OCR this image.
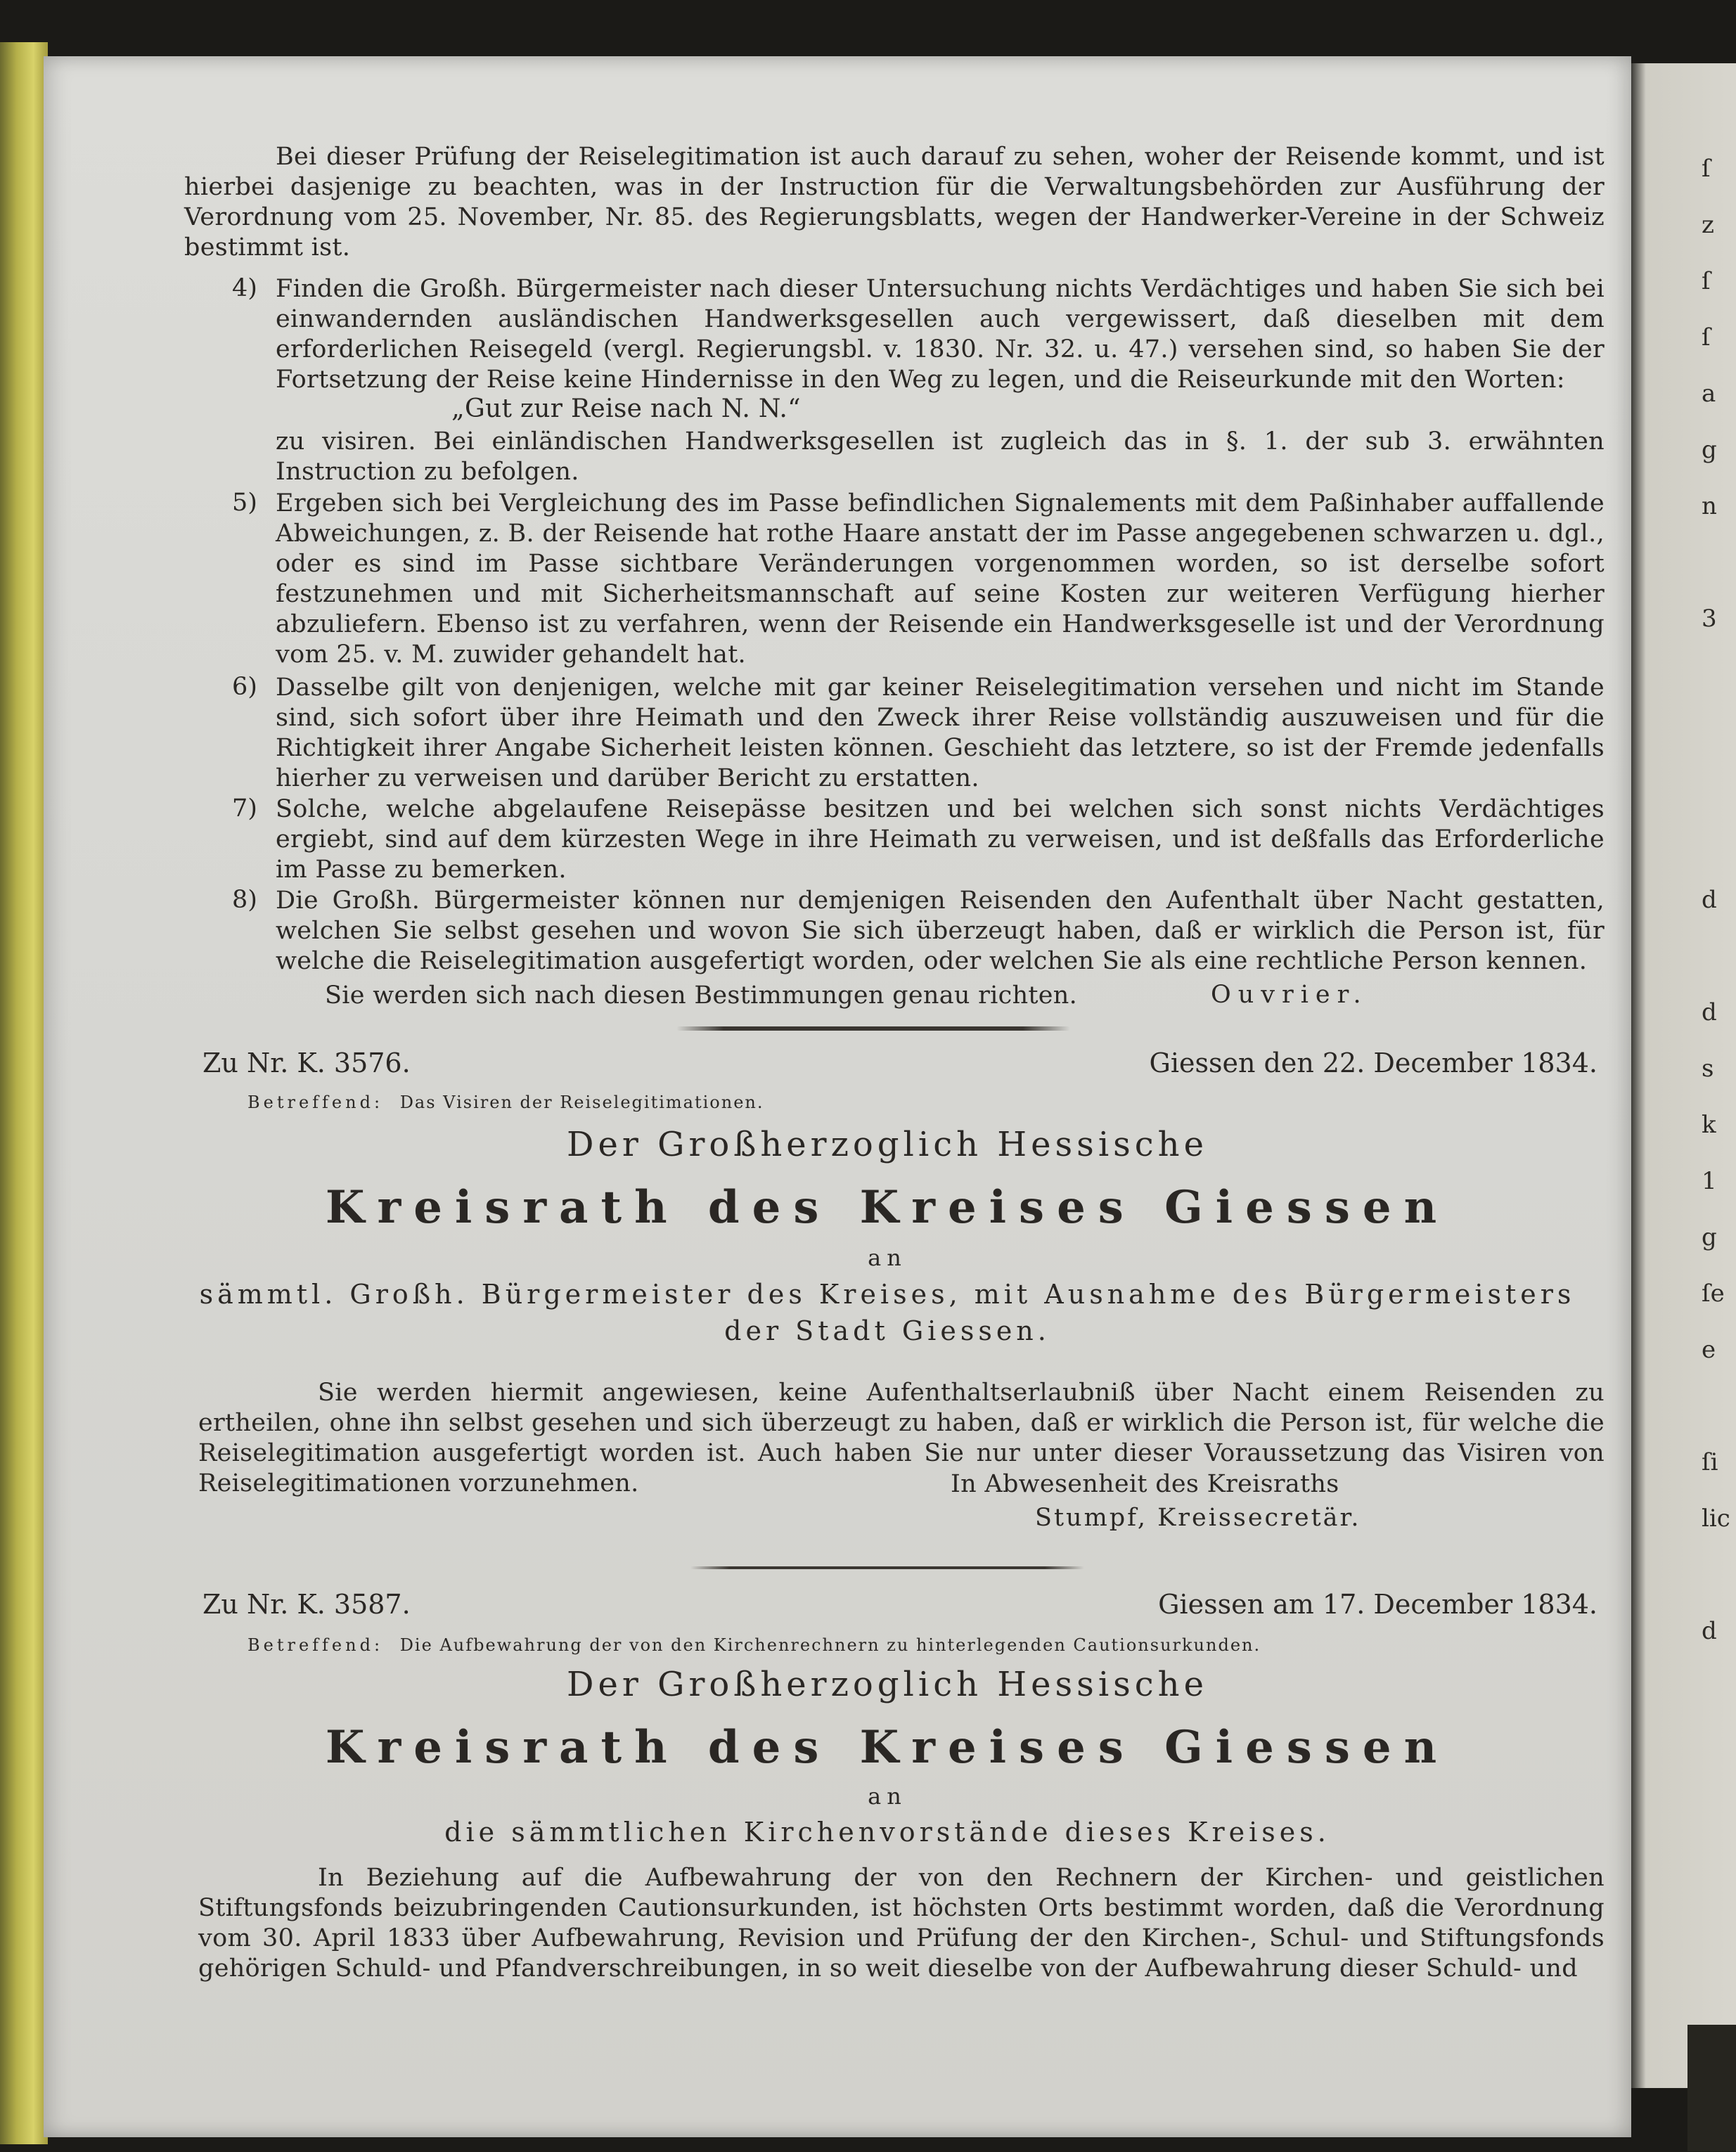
ſ
z
ſ
ſ
a
g
n

3

d

d
s
k
1
g
ſe
e

ſi
lic

d
Bei dieser Prüfung der Reiselegitimation ist auch darauf zu sehen, woher der Reisende kommt, und ist hierbei dasjenige zu beachten, was in der Instruction für die Verwaltungsbehörden zur Ausführung der Verordnung vom 25. November, Nr. 85. des Regierungsblatts, wegen der Handwerker-Vereine in der Schweiz bestimmt ist.
4) Finden die Großh. Bürgermeister nach dieser Untersuchung nichts Verdächtiges und haben Sie sich bei einwandernden ausländischen Handwerksgesellen auch vergewissert, daß dieselben mit dem erforderlichen Reisegeld (vergl. Regierungsbl. v. 1830. Nr. 32. u. 47.) versehen sind, so haben Sie der Fortsetzung der Reise keine Hindernisse in den Weg zu legen, und die Reiseurkunde mit den Worten:
„Gut zur Reise nach N. N.“
zu visiren. Bei einländischen Handwerksgesellen ist zugleich das in §. 1. der sub 3. erwähnten Instruction zu befolgen.
5) Ergeben sich bei Vergleichung des im Passe befindlichen Signalements mit dem Paßinhaber auffallende Abweichungen, z. B. der Reisende hat rothe Haare anstatt der im Passe angegebenen schwarzen u. dgl., oder es sind im Passe sichtbare Veränderungen vorgenommen worden, so ist derselbe sofort festzunehmen und mit Sicherheitsmannschaft auf seine Kosten zur weiteren Verfügung hierher abzuliefern. Ebenso ist zu verfahren, wenn der Reisende ein Handwerksgeselle ist und der Verordnung vom 25. v. M. zuwider gehandelt hat.
6) Dasselbe gilt von denjenigen, welche mit gar keiner Reiselegitimation versehen und nicht im Stande sind, sich sofort über ihre Heimath und den Zweck ihrer Reise vollständig auszuweisen und für die Richtigkeit ihrer Angabe Sicherheit leisten können. Geschieht das letztere, so ist der Fremde jedenfalls hierher zu verweisen und darüber Bericht zu erstatten.
7) Solche, welche abgelaufene Reisepässe besitzen und bei welchen sich sonst nichts Verdächtiges ergiebt, sind auf dem kürzesten Wege in ihre Heimath zu verweisen, und ist deßfalls das Erforderliche im Passe zu bemerken.
8) Die Großh. Bürgermeister können nur demjenigen Reisenden den Aufenthalt über Nacht gestatten, welchen Sie selbst gesehen und wovon Sie sich überzeugt haben, daß er wirklich die Person ist, für welche die Reiselegitimation ausgefertigt worden, oder welchen Sie als eine rechtliche Person kennen.
Sie werden sich nach diesen Bestimmungen genau richten.	Ouvrier.
Zu Nr. K. 3576.	Giessen den 22. December 1834.
Betreffend: Das Visiren der Reiselegitimationen.
Der Großherzoglich Hessische
Kreisrath des Kreises Giessen
an
sämmtl. Großh. Bürgermeister des Kreises, mit Ausnahme des Bürgermeisters der Stadt Giessen.
Sie werden hiermit angewiesen, keine Aufenthaltserlaubniß über Nacht einem Reisenden zu ertheilen, ohne ihn selbst gesehen und sich überzeugt zu haben, daß er wirklich die Person ist, für welche die Reiselegitimation ausgefertigt worden ist. Auch haben Sie nur unter dieser Voraussetzung das Visiren von Reiselegitimationen vorzunehmen.	In Abwesenheit des Kreisraths
Stumpf, Kreissecretär.
Zu Nr. K. 3587.	Giessen am 17. December 1834.
Betreffend: Die Aufbewahrung der von den Kirchenrechnern zu hinterlegenden Cautionsurkunden.
Der Großherzoglich Hessische
Kreisrath des Kreises Giessen
an
die sämmtlichen Kirchenvorstände dieses Kreises.
In Beziehung auf die Aufbewahrung der von den Rechnern der Kirchen- und geistlichen Stiftungsfonds beizubringenden Cautionsurkunden, ist höchsten Orts bestimmt worden, daß die Verordnung vom 30. April 1833 über Aufbewahrung, Revision und Prüfung der den Kirchen-, Schul- und Stiftungsfonds gehörigen Schuld- und Pfandverschreibungen, in so weit dieselbe von der Aufbewahrung dieser Schuld- und
